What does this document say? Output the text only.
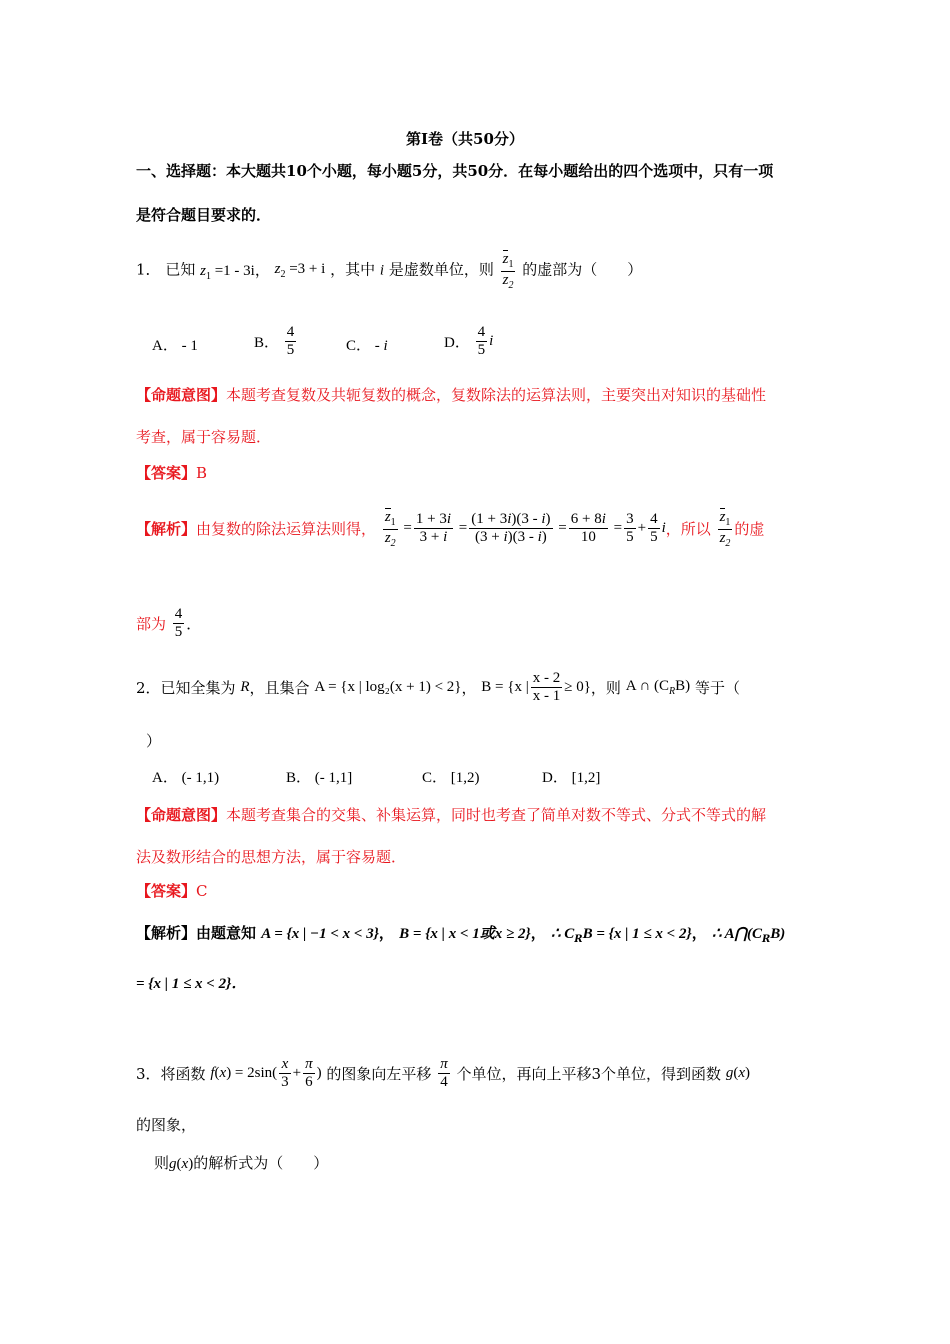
第Ⅰ卷（共50分）
一、选择题：本大题共10个小题，每小题5分，共50分．在每小题给出的四个选项中，只有一项
是符合题目要求的．
1． 已知 $z_1 =1 - 3i$， $z_2 =3 + i$ ，其中 i 是虚数单位，则 $\frac{z_1}{z_2}$ 的虚部为（　　）
A． - 1	B． $\frac{4}{5}$	C． - i	D． $\frac{4}{5}$ i
【命题意图】本题考查复数及共轭复数的概念，复数除法的运算法则，主要突出对知识的基础性
考查，属于容易题．
【答案】B
【解析】由复数的除法运算法则得， $\frac{z_1}{z_2} = \frac{1 + 3i}{3 + i} = \frac{(1 + 3i)(3 - i)}{(3 + i)(3 - i)} = \frac{6 + 8i}{10} = \frac{3}{5} + \frac{4}{5}$ i，所以 $\frac{z_1}{z_2}$ 的虚
部为 $\frac{4}{5}$ ．
2．已知全集为 R，且集合 A = {x | log₂(x + 1) < 2}， B = {x | $\frac{x - 2}{x - 1} \ge 0$}，则 A ∩ $(C_RB)$ 等于（
）
A． (- 1,1)	B． (- 1,1]	C． [1,2)	D． [1,2]
【命题意图】本题考查集合的交集、补集运算，同时也考查了简单对数不等式、分式不等式的解
法及数形结合的思想方法，属于容易题．
【答案】C
【解析】由题意知 A = {x | −1 < x < 3}， B = {x | x < 1或x ≥ 2}， ∴ $C_RB = \{x$ | 1 ≤ x < 2}， ∴ $A⋂(C_RB)$
= {x | 1 ≤ x < 2}．
3．将函数 $f(x) = 2\sin( \frac{x}{3} + \frac{\pi}{6}$ ) 的图象向左平移 $\frac{\pi}{4}$ 个单位，再向上平移3个单位，得到函数 g(x)
的图象，
则g(x)的解析式为（　　）
